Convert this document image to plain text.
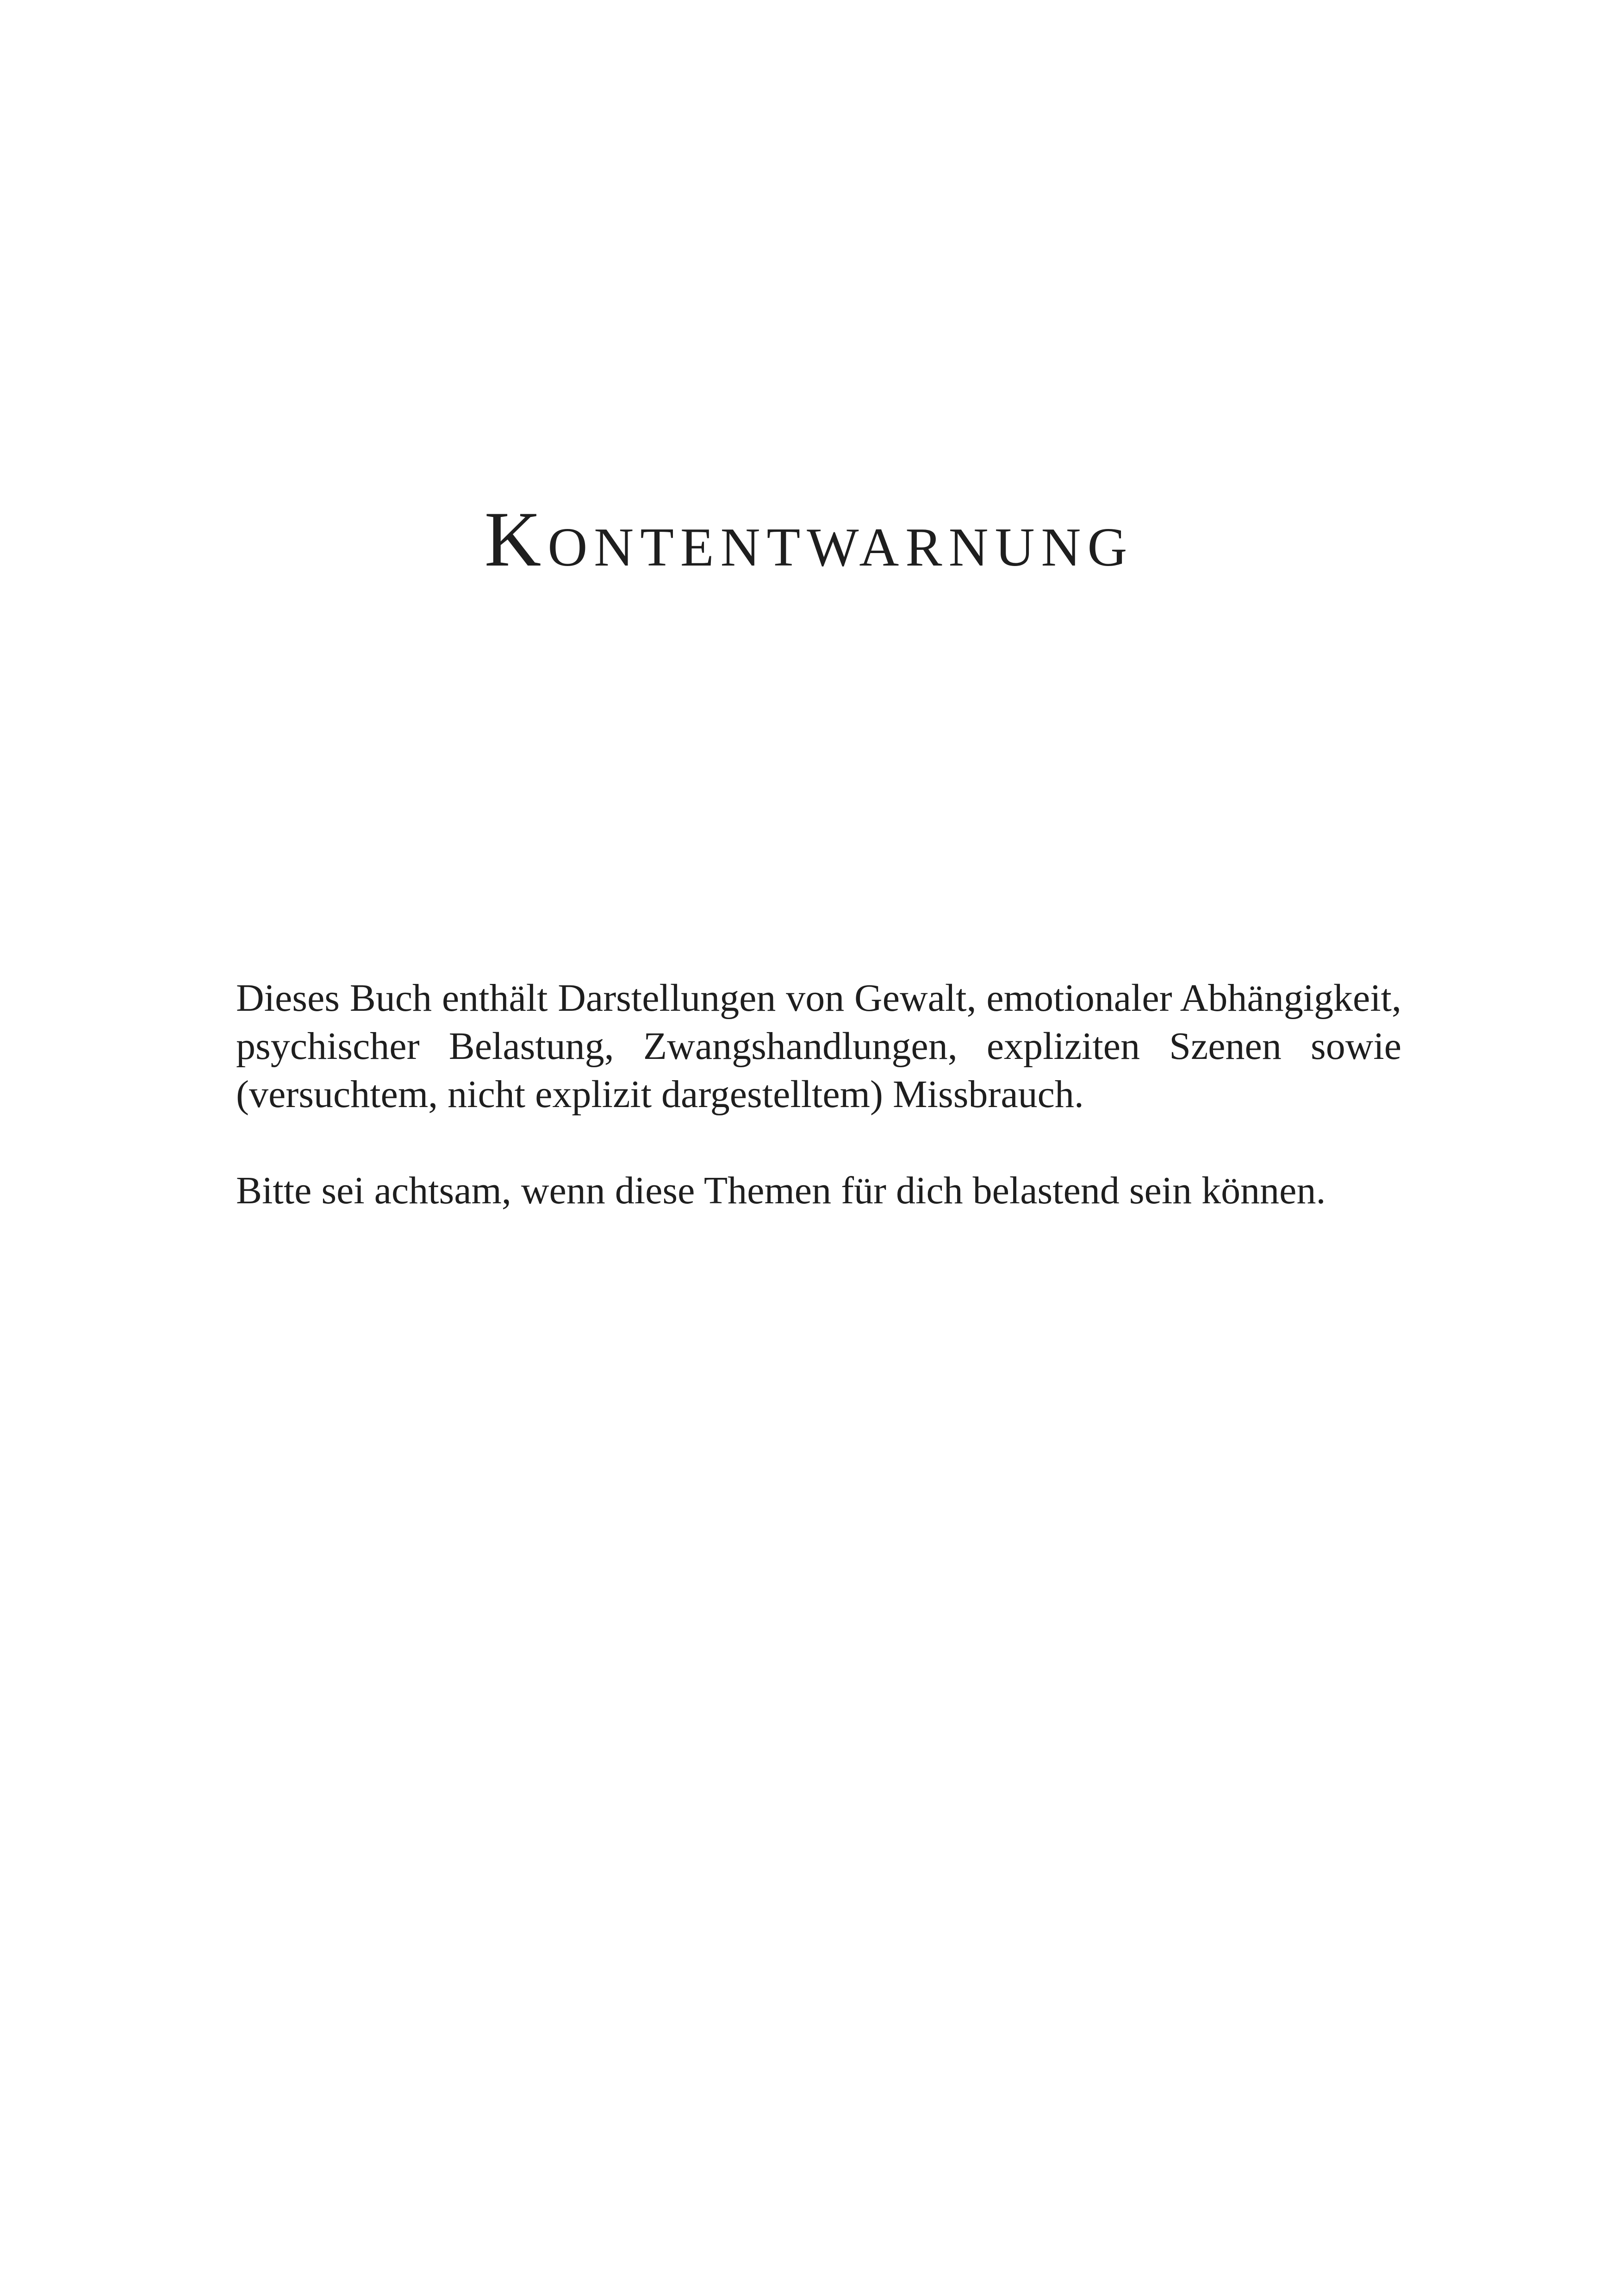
Kontentwarnung

Dieses Buch enthält Darstellungen von Gewalt, emotionaler Abhängigkeit, psychischer Belastung, Zwangshandlungen, expliziten Szenen sowie (versuchtem, nicht explizit dargestelltem) Missbrauch.

Bitte sei achtsam, wenn diese Themen für dich belastend sein können.
